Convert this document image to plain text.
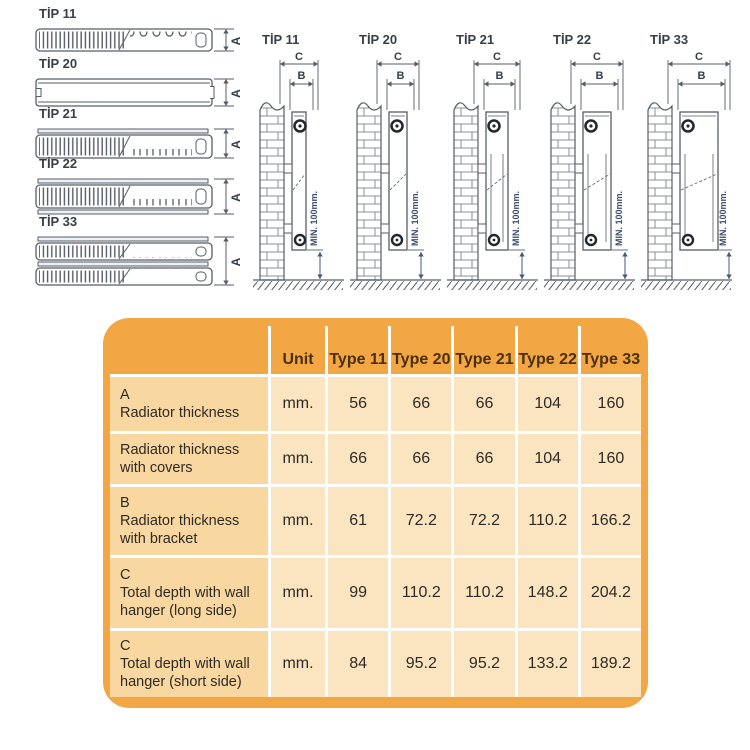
TİP 11
A
TİP 20
A
TİP 21
A
TİP 22
A
TİP 33
A
TİP 11
C
B
MIN. 100mm.
TİP 20
C
B
MIN. 100mm.
TİP 21
C
B
MIN. 100mm.
TİP 22
C
B
MIN. 100mm.
TİP 33
C
B
MIN. 100mm.
Unit Type 11 Type 20 Type 21 Type 22 Type 33
A
Radiator thickness
mm.	56	66	66	104	160
Radiator thickness with covers
mm.	66	66	66	104	160
B
Radiator thickness with bracket
mm.	61	72.2	72.2	110.2	166.2
C
Total depth with wall hanger (long side)
mm.	99	110.2	110.2	148.2	204.2
C
Total depth with wall hanger (short side)
mm.	84	95.2	95.2	133.2	189.2
